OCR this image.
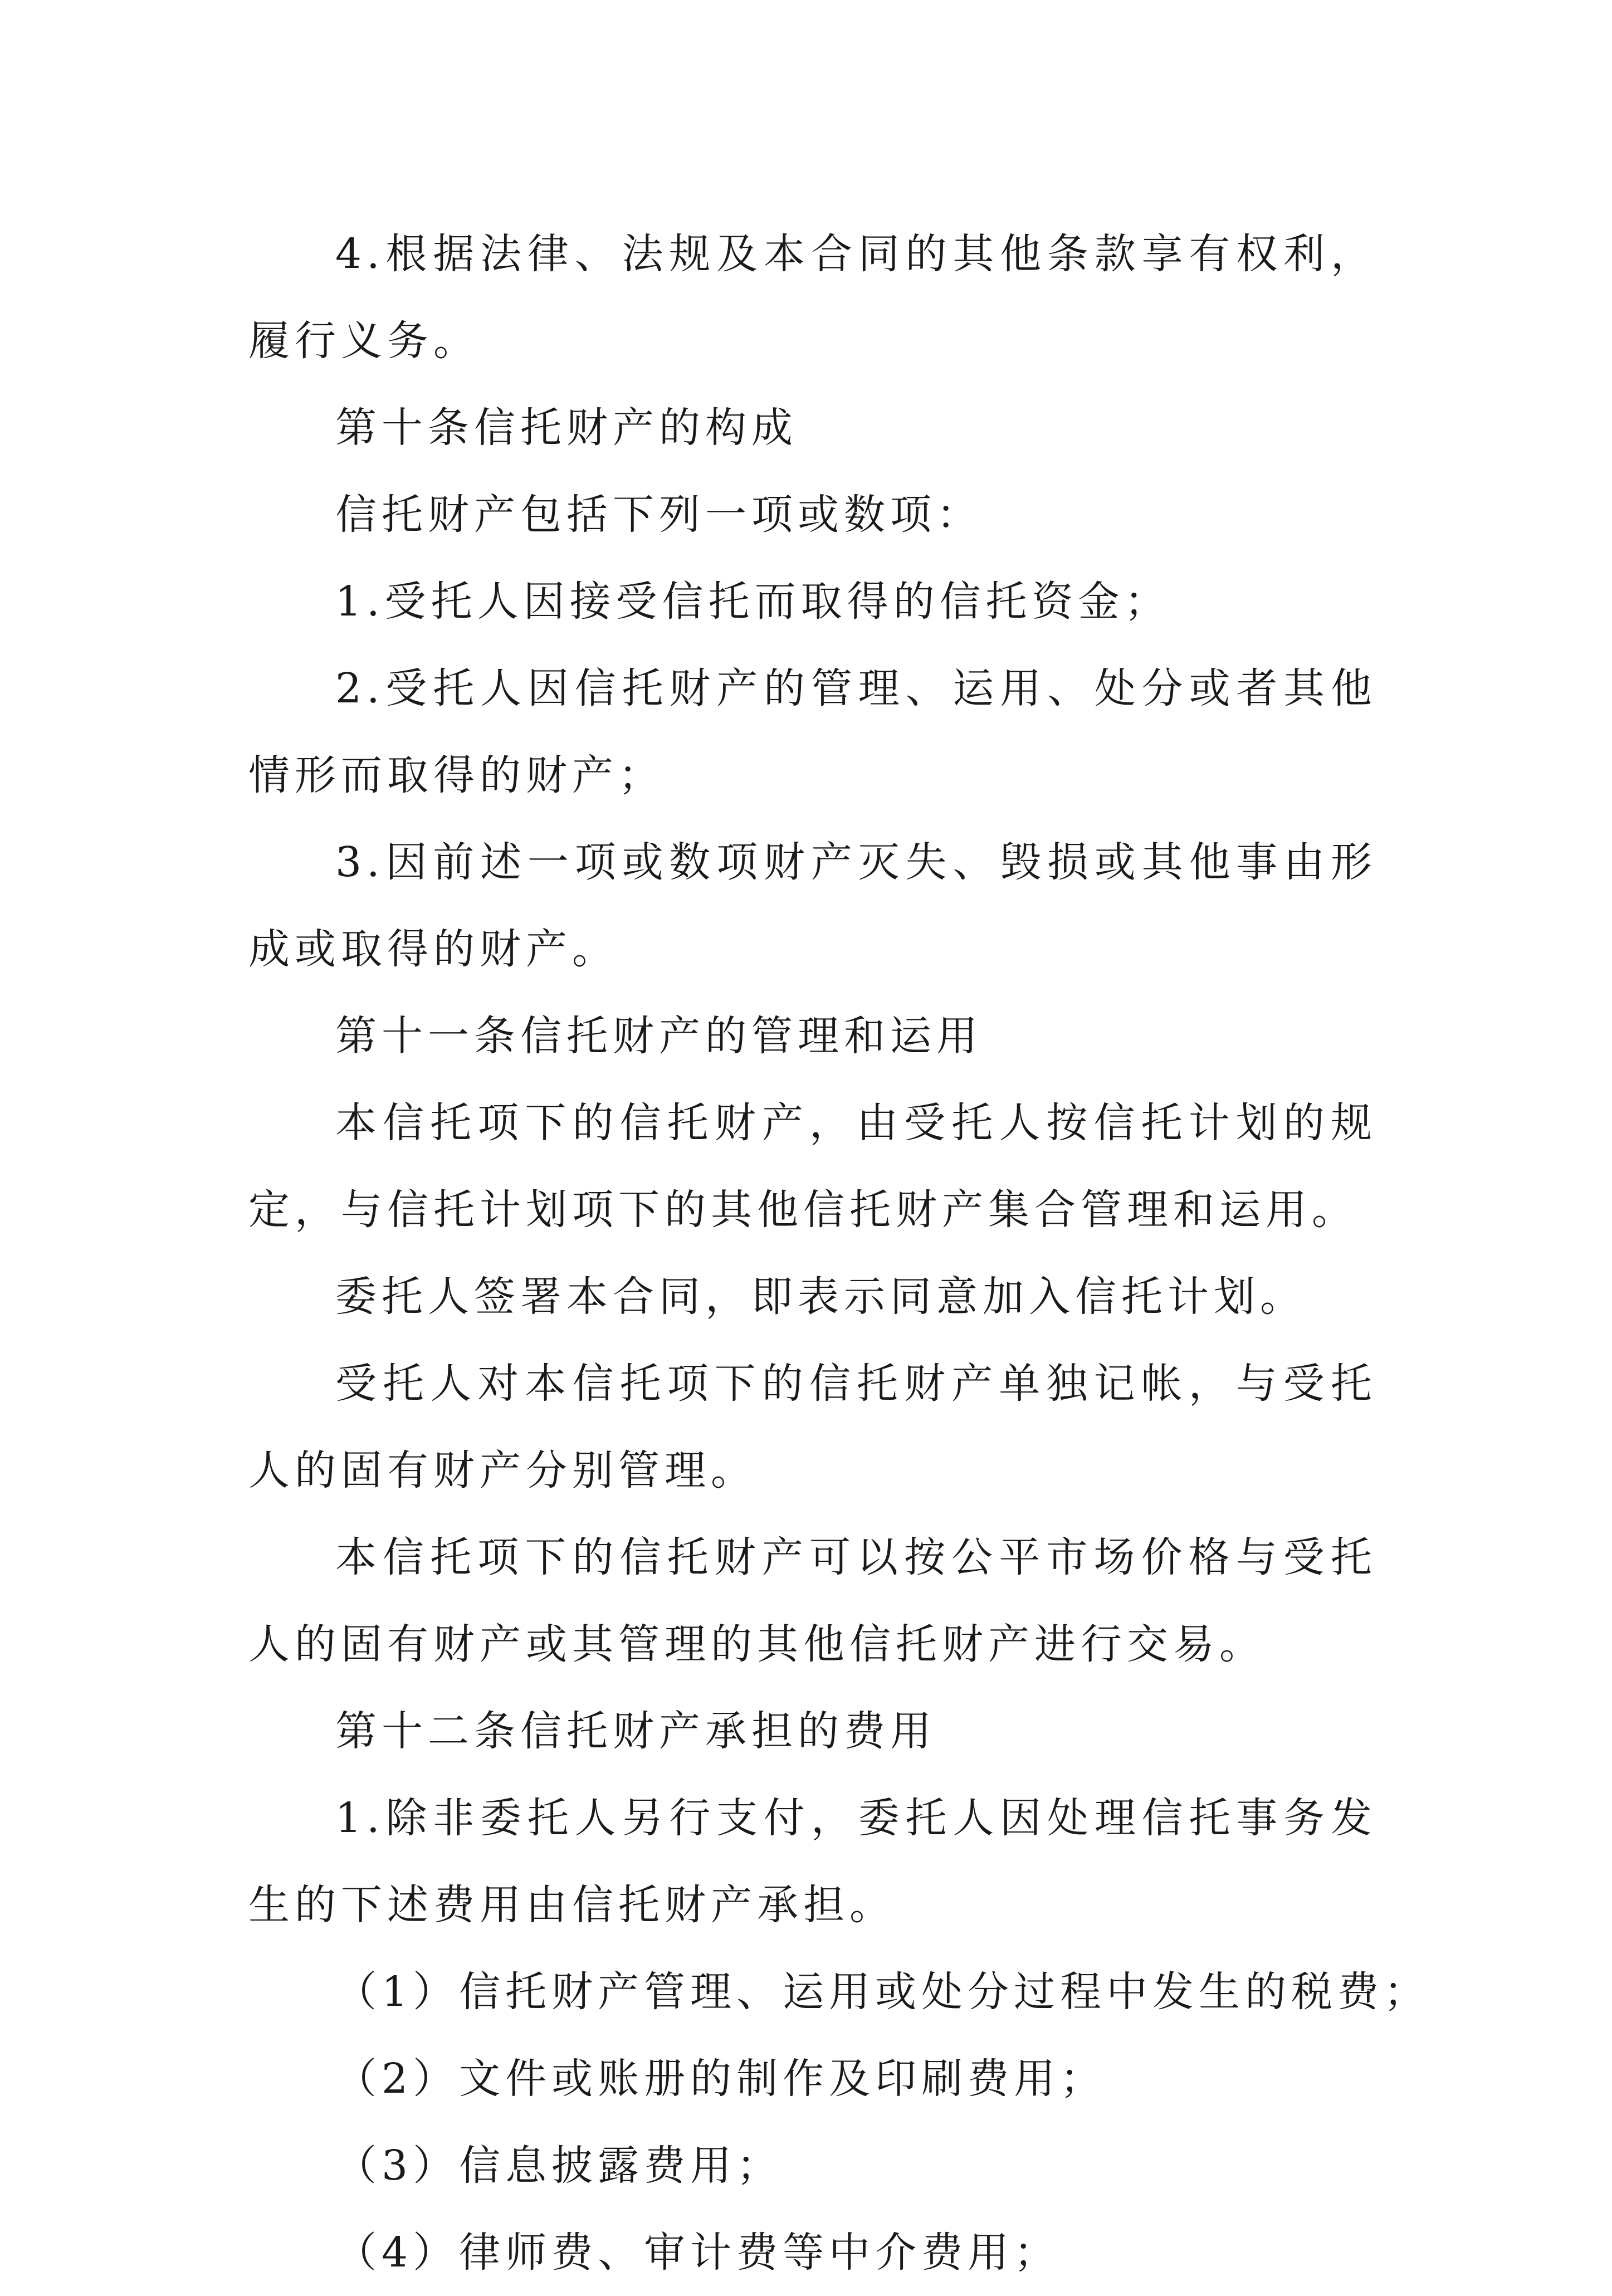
4.根据法律、法规及本合同的其他条款享有权利，履行义务。

第十条信托财产的构成

信托财产包括下列一项或数项：

1.受托人因接受信托而取得的信托资金；

2.受托人因信托财产的管理、运用、处分或者其他情形而取得的财产；

3.因前述一项或数项财产灭失、毁损或其他事由形成或取得的财产。

第十一条信托财产的管理和运用

本信托项下的信托财产，由受托人按信托计划的规定，与信托计划项下的其他信托财产集合管理和运用。

委托人签署本合同，即表示同意加入信托计划。

受托人对本信托项下的信托财产单独记帐，与受托人的固有财产分别管理。

本信托项下的信托财产可以按公平市场价格与受托人的固有财产或其管理的其他信托财产进行交易。

第十二条信托财产承担的费用

1.除非委托人另行支付，委托人因处理信托事务发生的下述费用由信托财产承担。

（1）信托财产管理、运用或处分过程中发生的税费；

（2）文件或账册的制作及印刷费用；

（3）信息披露费用；

（4）律师费、审计费等中介费用；
